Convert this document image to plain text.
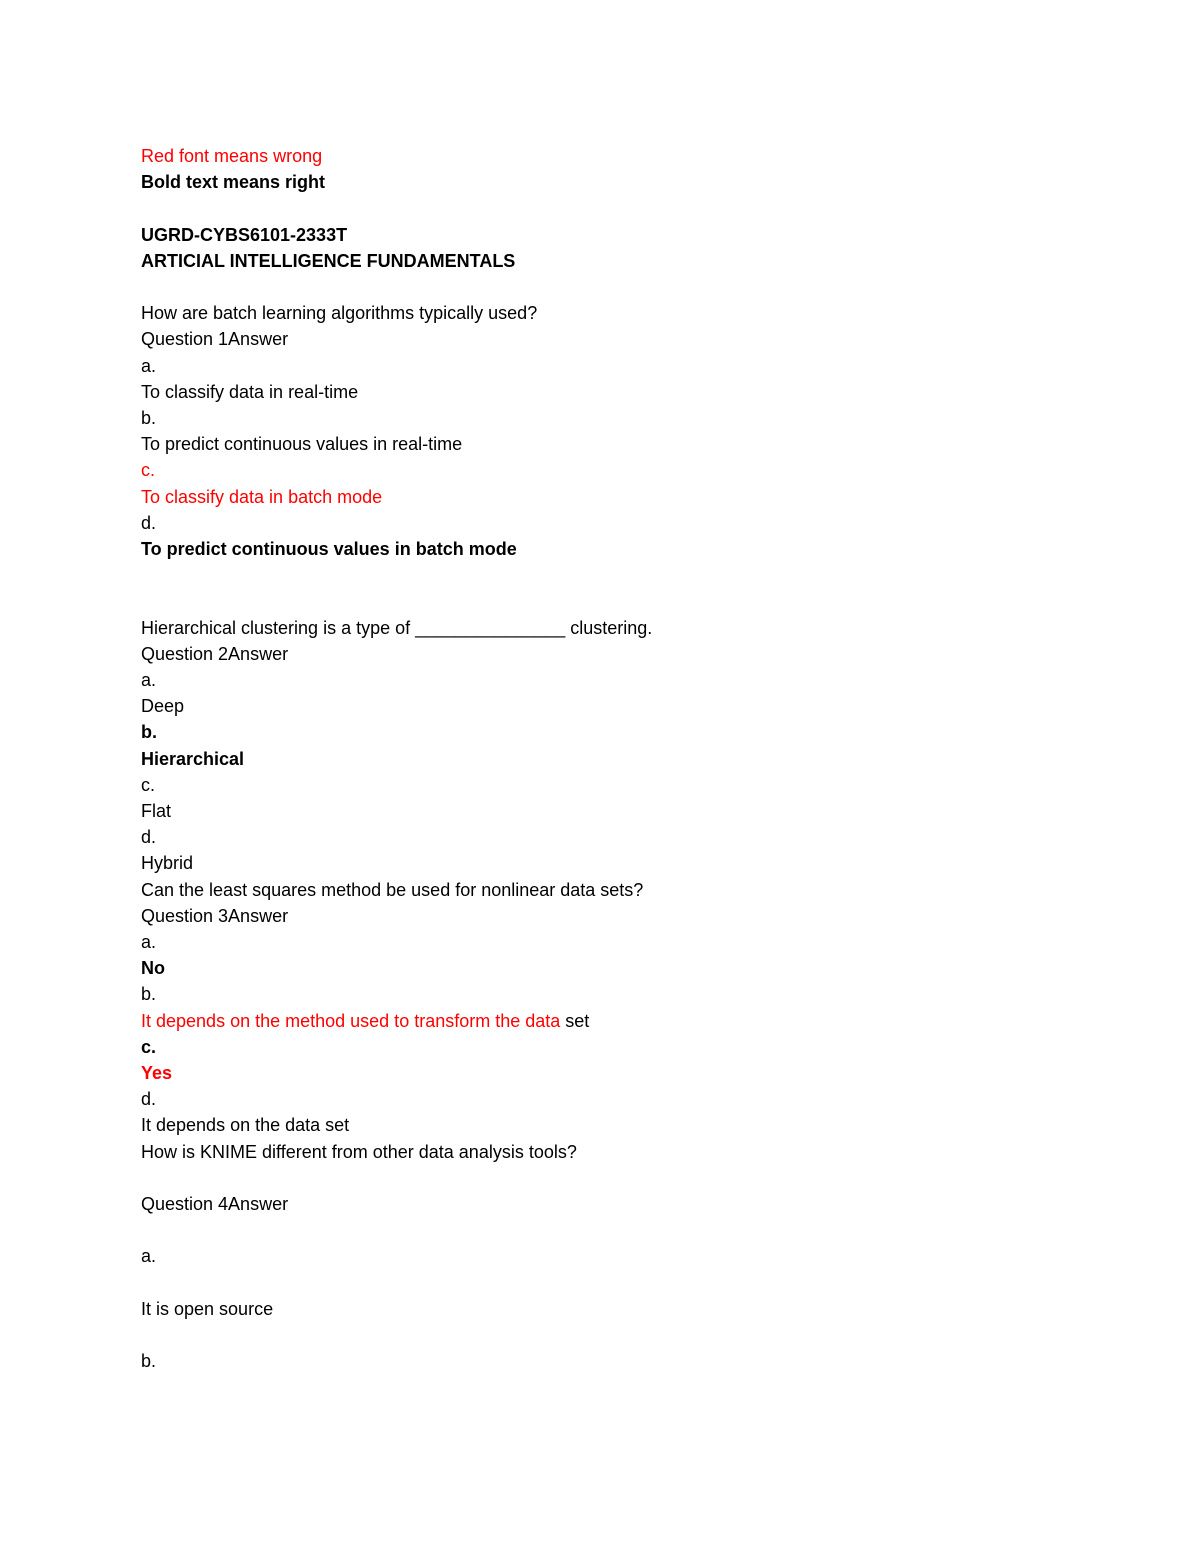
Red font means wrong
Bold text means right
UGRD-CYBS6101-2333T
ARTICIAL INTELLIGENCE FUNDAMENTALS
How are batch learning algorithms typically used?
Question 1Answer
a.
To classify data in real-time
b.
To predict continuous values in real-time
c.
To classify data in batch mode
d.
To predict continuous values in batch mode
Hierarchical clustering is a type of _______________ clustering.
Question 2Answer
a.
Deep
b.
Hierarchical
c.
Flat
d.
Hybrid
Can the least squares method be used for nonlinear data sets?
Question 3Answer
a.
No
b.
It depends on the method used to transform the data set
c.
Yes
d.
It depends on the data set
How is KNIME different from other data analysis tools?
Question 4Answer
a.
It is open source
b.
